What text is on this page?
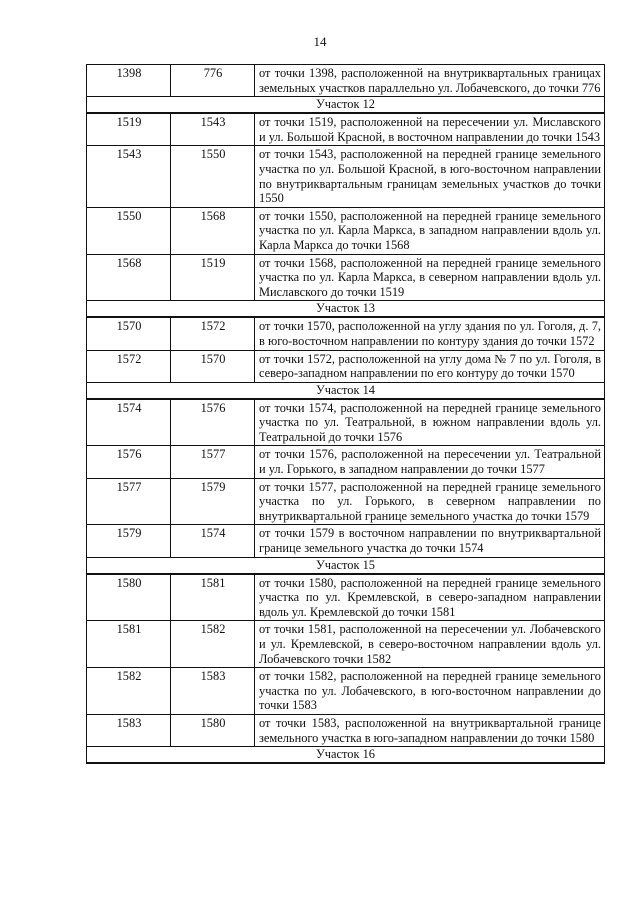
14
1398	776	от точки 1398, расположенной на внутриквартальных границах земельных участков параллельно ул. Лобачевского, до точки 776
Участок 12		
1519	1543	от точки 1519, расположенной на пересечении ул. Миславского и ул. Большой Красной, в восточном направлении до точки 1543
1543	1550	от точки 1543, расположенной на передней границе земельного участка по ул. Большой Красной, в юго-восточном направлении по внутриквартальным границам земельных участков до точки 1550
1550	1568	от точки 1550, расположенной на передней границе земельного участка по ул. Карла Маркса, в западном направлении вдоль ул. Карла Маркса до точки 1568
1568	1519	от точки 1568, расположенной на передней границе земельного участка по ул. Карла Маркса, в северном направлении вдоль ул. Миславского до точки 1519
Участок 13		
1570	1572	от точки 1570, расположенной на углу здания по ул. Гоголя, д. 7, в юго-восточном направлении по контуру здания до точки 1572
1572	1570	от точки 1572, расположенной на углу дома № 7 по ул. Гоголя, в северо-западном направлении по его контуру до точки 1570
Участок 14		
1574	1576	от точки 1574, расположенной на передней границе земельного участка по ул. Театральной, в южном направлении вдоль ул. Театральной до точки 1576
1576	1577	от точки 1576, расположенной на пересечении ул. Театральной и ул. Горького, в западном направлении до точки 1577
1577	1579	от точки 1577, расположенной на передней границе земельного участка по ул. Горького, в северном направлении по внутриквартальной границе земельного участка до точки 1579
1579	1574	от точки 1579 в восточном направлении по внутриквартальной границе земельного участка до точки 1574
Участок 15		
1580	1581	от точки 1580, расположенной на передней границе земельного участка по ул. Кремлевской, в северо-западном направлении вдоль ул. Кремлевской до точки 1581
1581	1582	от точки 1581, расположенной на пересечении ул. Лобачевского и ул. Кремлевской, в северо-восточном направлении вдоль ул. Лобачевского точки 1582
1582	1583	от точки 1582, расположенной на передней границе земельного участка по ул. Лобачевского, в юго-восточном направлении до точки 1583
1583	1580	от точки 1583, расположенной на внутриквартальной границе земельного участка в юго-западном направлении до точки 1580
Участок 16		
